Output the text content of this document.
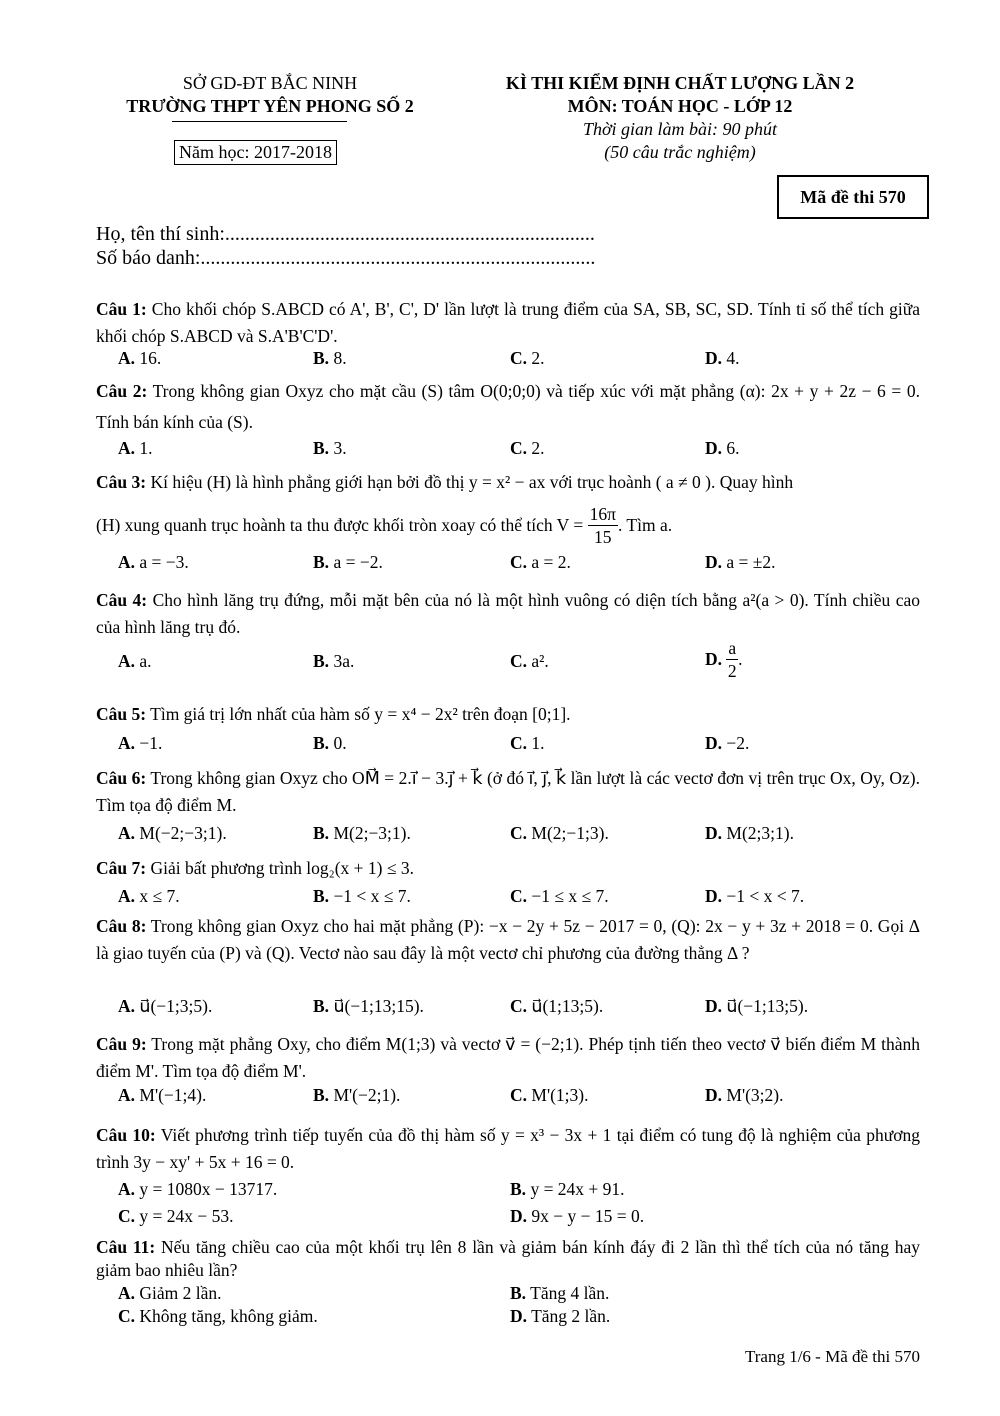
SỞ GD-ĐT BẮC NINH
TRƯỜNG THPT YÊN PHONG SỐ 2
Năm học: 2017-2018
KÌ THI KIỂM ĐỊNH CHẤT LƯỢNG LẦN 2
MÔN: TOÁN HỌC - LỚP 12
Thời gian làm bài: 90 phút
(50 câu trắc nghiệm)
Mã đề thi 570
Họ, tên thí sinh:..........................................................................
Số báo danh:...............................................................................
Câu 1: Cho khối chóp S.ABCD có A', B', C', D' lần lượt là trung điểm của SA, SB, SC, SD. Tính tỉ số thể tích giữa khối chóp S.ABCD và S.A'B'C'D'.
A. 16.	B. 8.	C. 2.	D. 4.
Câu 2: Trong không gian Oxyz cho mặt cầu (S) tâm O(0;0;0) và tiếp xúc với mặt phẳng (α): 2x + y + 2z − 6 = 0. Tính bán kính của (S).
A. 1.	B. 3.	C. 2.	D. 6.
Câu 3: Kí hiệu (H) là hình phẳng giới hạn bởi đồ thị y = x² − ax với trục hoành ( a ≠ 0 ). Quay hình
(H) xung quanh trục hoành ta thu được khối tròn xoay có thể tích V =
$\frac{16\pi}{15}$ . Tìm a.
A. a = −3.	B. a = −2.	C. a = 2.	D. a = ±2.
Câu 4: Cho hình lăng trụ đứng, mỗi mặt bên của nó là một hình vuông có diện tích bằng a²(a > 0). Tính chiều cao của hình lăng trụ đó.
A. a.	B. 3a.	C. a².	D.
$\frac{a}{2}$ .
Câu 5: Tìm giá trị lớn nhất của hàm số y = x⁴ − 2x² trên đoạn [0;1].
A. −1.	B. 0.	C. 1.	D. −2.
Câu 6: Trong không gian Oxyz cho OM⃗ = 2.i⃗ − 3.j⃗ + k⃗ (ở đó i⃗, j⃗, k⃗ lần lượt là các vectơ đơn vị trên trục Ox, Oy, Oz). Tìm tọa độ điểm M.
A. M(−2;−3;1).	B. M(2;−3;1).	C. M(2;−1;3).	D. M(2;3;1).
Câu 7: Giải bất phương trình log₂(x + 1) ≤ 3.
A. x ≤ 7.	B. −1 < x ≤ 7.	C. −1 ≤ x ≤ 7.	D. −1 < x < 7.
Câu 8: Trong không gian Oxyz cho hai mặt phẳng (P): −x − 2y + 5z − 2017 = 0, (Q): 2x − y + 3z + 2018 = 0. Gọi Δ là giao tuyến của (P) và (Q). Vectơ nào sau đây là một vectơ chỉ phương của đường thẳng Δ ?
A. u⃗(−1;3;5).	B. u⃗(−1;13;15).	C. u⃗(1;13;5).	D. u⃗(−1;13;5).
Câu 9: Trong mặt phẳng Oxy, cho điểm M(1;3) và vectơ v⃗ = (−2;1). Phép tịnh tiến theo vectơ v⃗ biến điểm M thành điểm M'. Tìm tọa độ điểm M'.
A. M'(−1;4).	B. M'(−2;1).	C. M'(1;3).	D. M'(3;2).
Câu 10: Viết phương trình tiếp tuyến của đồ thị hàm số y = x³ − 3x + 1 tại điểm có tung độ là nghiệm của phương trình 3y − xy' + 5x + 16 = 0.
A. y = 1080x − 13717.	B. y = 24x + 91.
C. y = 24x − 53.	D. 9x − y − 15 = 0.
Câu 11: Nếu tăng chiều cao của một khối trụ lên 8 lần và giảm bán kính đáy đi 2 lần thì thể tích của nó tăng hay giảm bao nhiêu lần?
A. Giảm 2 lần.	B. Tăng 4 lần.
C. Không tăng, không giảm.	D. Tăng 2 lần.
Trang 1/6 - Mã đề thi 570
